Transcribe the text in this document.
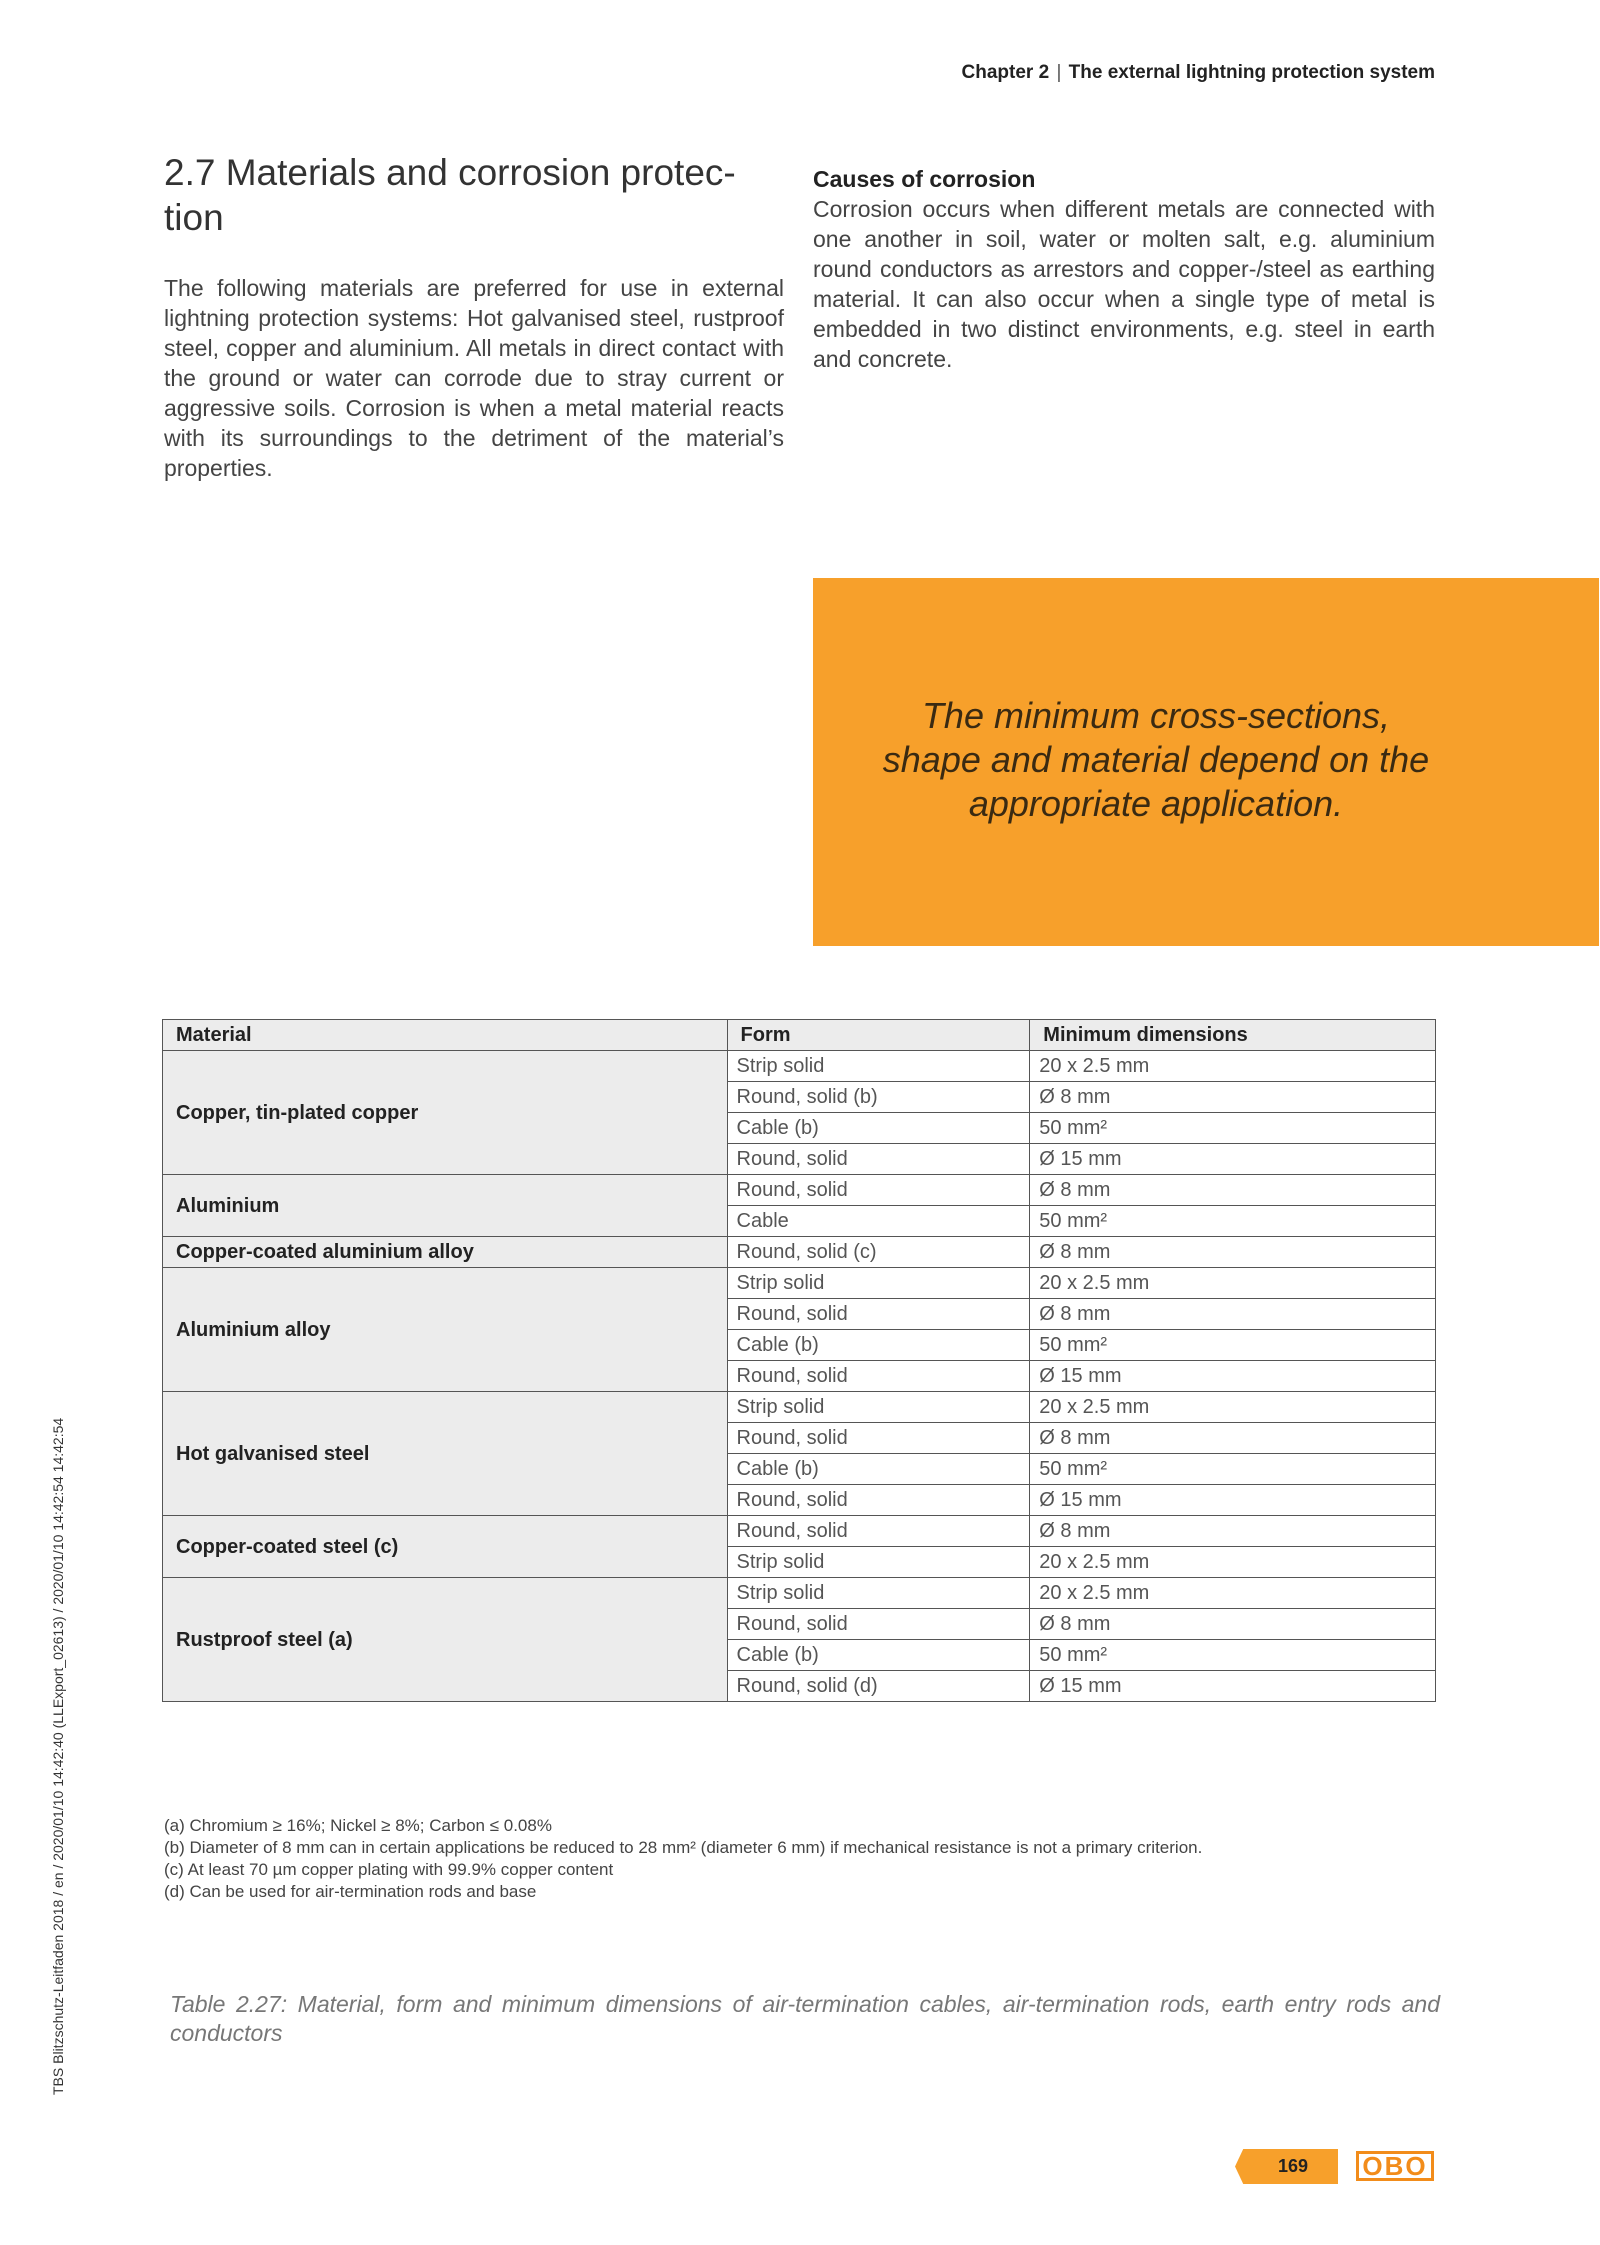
Chapter 2 | The external lightning protection system
2.7 Materials and corrosion protec-
tion

The following materials are preferred for use in external lightning protection systems: Hot galvanised steel, rustproof steel, copper and aluminium. All metals in direct contact with the ground or water can corrode due to stray current or aggressive soils. Corrosion is when a metal material reacts with its surroundings to the detriment of the material’s properties.

Causes of corrosion

Corrosion occurs when different metals are connected with one another in soil, water or molten salt, e.g. aluminium round conductors as arrestors and copper-/steel as earthing material. It can also occur when a single type of metal is embedded in two distinct environments, e.g. steel in earth and concrete.

The minimum cross-sections,
shape and material depend on the
appropriate application.
Material	Form	Minimum dimensions
Copper, tin-plated copper	Strip solid	20 x 2.5 mm
	Round, solid (b)	Ø 8 mm
	Cable (b)	50 mm²
	Round, solid	Ø 15 mm
Aluminium	Round, solid	Ø 8 mm
	Cable	50 mm²
Copper-coated aluminium alloy	Round, solid (c)	Ø 8 mm
Aluminium alloy	Strip solid	20 x 2.5 mm
	Round, solid	Ø 8 mm
	Cable (b)	50 mm²
	Round, solid	Ø 15 mm
Hot galvanised steel	Strip solid	20 x 2.5 mm
	Round, solid	Ø 8 mm
	Cable (b)	50 mm²
	Round, solid	Ø 15 mm
Copper-coated steel (c)	Round, solid	Ø 8 mm
	Strip solid	20 x 2.5 mm
Rustproof steel (a)	Strip solid	20 x 2.5 mm
	Round, solid	Ø 8 mm
	Cable (b)	50 mm²
	Round, solid (d)	Ø 15 mm
(a) Chromium ≥ 16%; Nickel ≥ 8%; Carbon ≤ 0.08%
(b) Diameter of 8 mm can in certain applications be reduced to 28 mm² (diameter 6 mm) if mechanical resistance is not a primary criterion.
(c) At least 70 µm copper plating with 99.9% copper content
(d) Can be used for air-termination rods and base
Table 2.27: Material, form and minimum dimensions of air-termination cables, air-termination rods, earth entry rods and conductors
TBS Blitzschutz-Leitfaden 2018 / en / 2020/01/10 14:42:40 (LLExport_02613) / 2020/01/10 14:42:54 14:42:54
169	OBO
